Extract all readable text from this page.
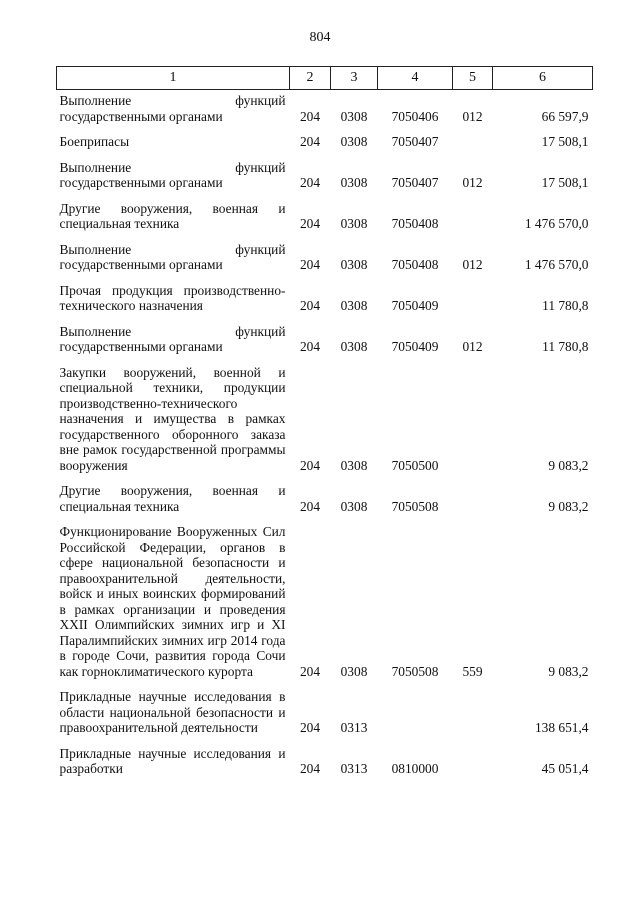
804
1	2	3	4	5	6
Выполнение функций государственными органами	204	0308	7050406	012	66 597,9
Боеприпасы	204	0308	7050407		17 508,1
Выполнение функций государственными органами	204	0308	7050407	012	17 508,1
Другие вооружения, военная и специальная техника	204	0308	7050408		1 476 570,0
Выполнение функций государственными органами	204	0308	7050408	012	1 476 570,0
Прочая продукция производственно-технического назначения	204	0308	7050409		11 780,8
Выполнение функций государственными органами	204	0308	7050409	012	11 780,8
Закупки вооружений, военной и специальной техники, продукции производственно-технического назначения и имущества в рамках государственного оборонного заказа вне рамок государственной программы вооружения	204	0308	7050500		9 083,2
Другие вооружения, военная и специальная техника	204	0308	7050508		9 083,2
Функционирование Вооруженных Сил Российской Федерации, органов в сфере национальной безопасности и правоохранительной деятельности, войск и иных воинских формирований в рамках организации и проведения XXII Олимпийских зимних игр и XI Паралимпийских зимних игр 2014 года в городе Сочи, развития города Сочи как горноклиматического курорта	204	0308	7050508	559	9 083,2
Прикладные научные исследования в области национальной безопасности и правоохранительной деятельности	204	0313			138 651,4
Прикладные научные исследования и разработки	204	0313	0810000		45 051,4
